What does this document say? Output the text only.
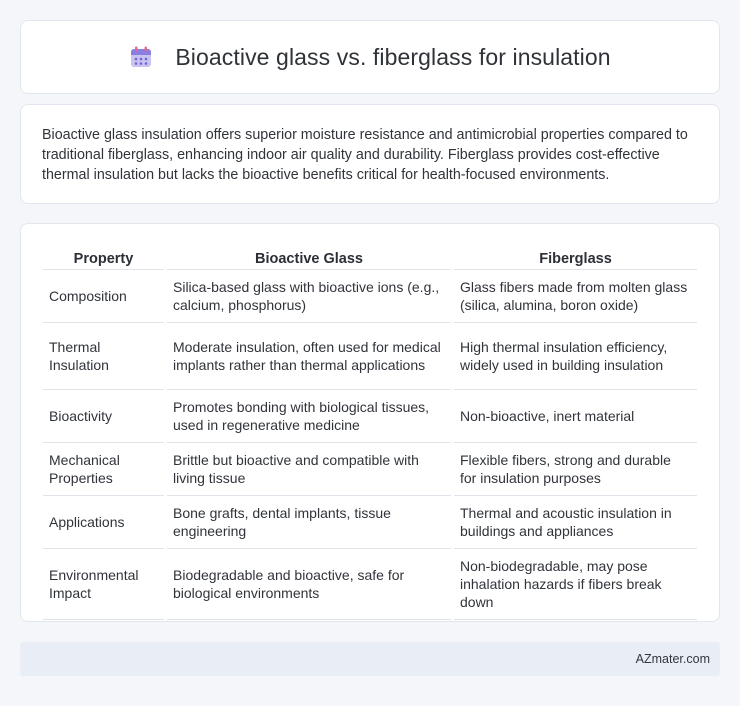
Bioactive glass vs. fiberglass for insulation

Bioactive glass insulation offers superior moisture resistance and antimicrobial properties compared to traditional fiberglass, enhancing indoor air quality and durability. Fiberglass provides cost-effective thermal insulation but lacks the bioactive benefits critical for health-focused environments.

Property	Bioactive Glass	Fiberglass
Composition	Silica-based glass with bioactive ions (e.g., calcium, phosphorus)	Glass fibers made from molten glass (silica, alumina, boron oxide)
Thermal Insulation	Moderate insulation, often used for medical implants rather than thermal applications	High thermal insulation efficiency, widely used in building insulation
Bioactivity	Promotes bonding with biological tissues, used in regenerative medicine	Non-bioactive, inert material
Mechanical Properties	Brittle but bioactive and compatible with living tissue	Flexible fibers, strong and durable for insulation purposes
Applications	Bone grafts, dental implants, tissue engineering	Thermal and acoustic insulation in buildings and appliances
Environmental Impact	Biodegradable and bioactive, safe for biological environments	Non-biodegradable, may pose inhalation hazards if fibers break down
AZmater.com
